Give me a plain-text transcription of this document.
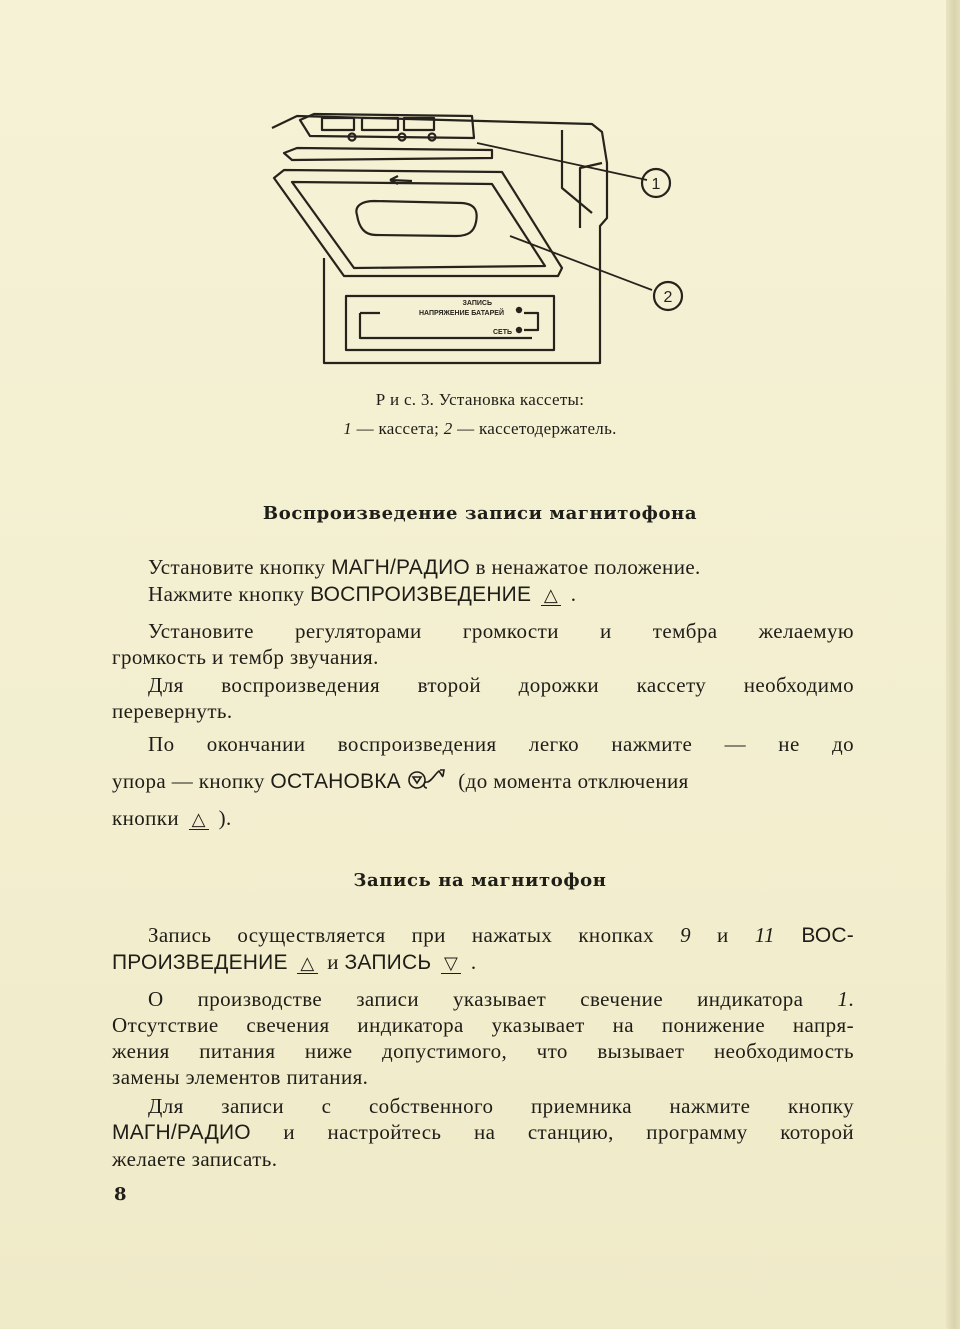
ЗАПИСЬ
НАПРЯЖЕНИЕ БАТАРЕЙ
СЕТЬ
1
2
Р и с. 3. Установка кассеты:
1 — кассета; 2 — кассетодержатель.
Воспроизведение записи магнитофона
Установите кнопку МАГН/РАДИО в ненажатое положение.
Нажмите кнопку ВОСПРОИЗВЕДЕНИЕ △ .
Установите регуляторами громкости и тембра желаемую
громкость и тембр звучания.
Для воспроизведения второй дорожки кассету необходимо
перевернуть.
По окончании воспроизведения легко нажмите — не до
упора — кнопку ОСТАНОВКА  (до момента отключения
кнопки △ ).
Запись на магнитофон
Запись осуществляется при нажатых кнопках 9 и 11 ВОС-
ПРОИЗВЕДЕНИЕ △ и ЗАПИСЬ ▽ .
О производстве записи указывает свечение индикатора 1.
Отсутствие свечения индикатора указывает на понижение напря-
жения питания ниже допустимого, что вызывает необходимость
замены элементов питания.
Для записи с собственного приемника нажмите кнопку
МАГН/РАДИО и настройтесь на станцию, программу которой
желаете записать.
8
